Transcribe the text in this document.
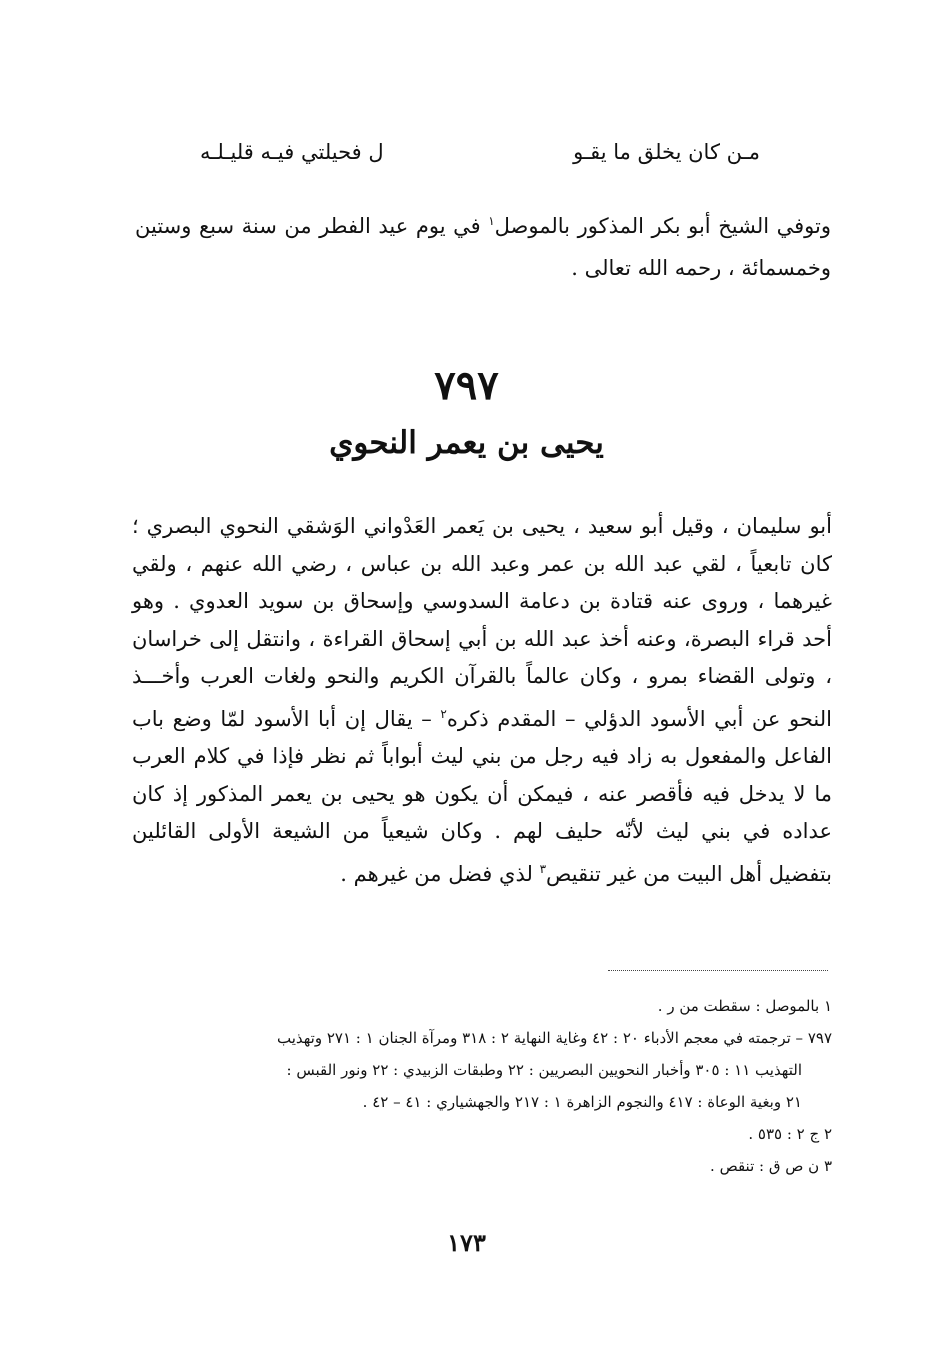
مـن كان يخلق ما يقـو
ل فحيلتي فيـه قليـلـه
وتوفي الشيخ أبو بكر المذكور بالموصل$^١$ في يوم عيد الفطر من سنة سبع وستين وخمسمائة ، رحمه الله تعالى .
٧٩٧
يحيى بن يعمر النحوي

أبو سليمان ، وقيل أبو سعيد ، يحيى بن يَعمر العَدْواني الوَشقي النحوي البصري ؛ كان تابعياً ، لقي عبد الله بن عمر وعبد الله بن عباس ، رضي الله عنهم ، ولقي غيرهما ، وروى عنه قتادة بن دعامة السدوسي وإسحاق بن سويد العدوي . وهو أحد قراء البصرة، وعنه أخذ عبد الله بن أبي إسحاق القراءة ، وانتقل إلى خراسان ، وتولى القضاء بمرو ، وكان عالماً بالقرآن الكريم والنحو ولغات العرب وأخـــذ النحو عن أبي الأسود الدؤلي – المقدم ذكره$^٢$ – يقال إن أبا الأسود لمّا وضع باب الفاعل والمفعول به زاد فيه رجل من بني ليث أبواباً ثم نظر فإذا في كلام العرب ما لا يدخل فيه فأقصر عنه ، فيمكن أن يكون هو يحيى بن يعمر المذكور إذ كان عداده في بني ليث لأنّه حليف لهم . وكان شيعياً من الشيعة الأولى القائلين بتفضيل أهل البيت من غير تنقيص$^٣$ لذي فضل من غيرهم .

١ بالموصل : سقطت من ر .

٧٩٧ – ترجمته في معجم الأدباء ٢٠ : ٤٢ وغاية النهاية ٢ : ٣١٨ ومرآة الجنان ١ : ٢٧١ وتهذيب

التهذيب ١١ : ٣٠٥ وأخبار النحويين البصريين : ٢٢ وطبقات الزبيدي : ٢٢ ونور القبس :

٢١ وبغية الوعاة : ٤١٧ والنجوم الزاهرة ١ : ٢١٧ والجهشياري : ٤١ – ٤٢ .

٢ ج ٢ : ٥٣٥ .

٣ ن ص ق : تنقص .

١٧٣
